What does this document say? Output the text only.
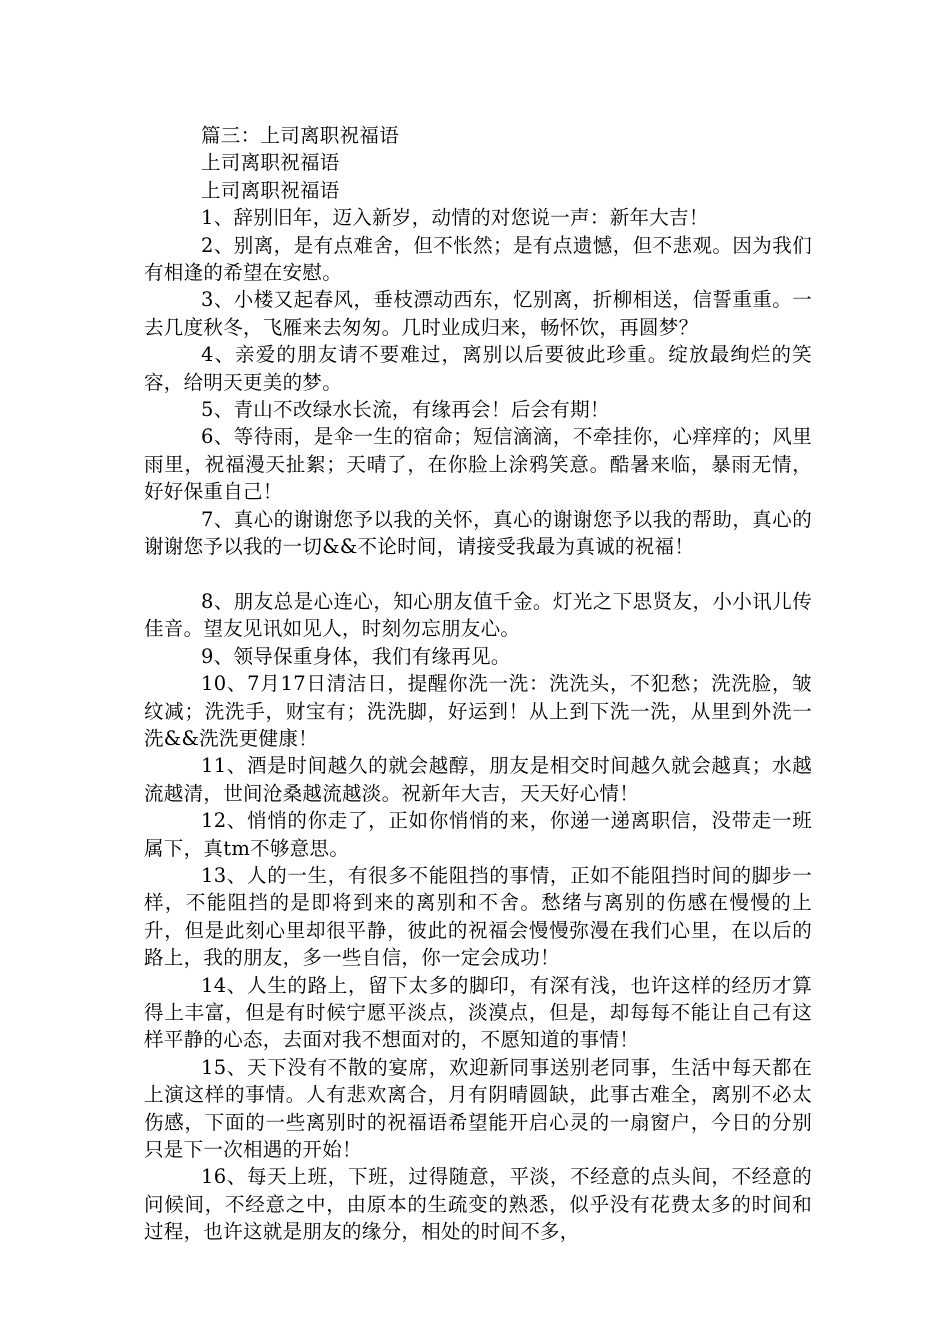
篇三：上司离职祝福语

上司离职祝福语

上司离职祝福语

1、辞别旧年，迈入新岁，动情的对您说一声：新年大吉！

2、别离，是有点难舍，但不怅然；是有点遗憾，但不悲观。因为我们有相逢的希望在安慰。

3、小楼又起春风，垂枝漂动西东，忆别离，折柳相送，信誓重重。一去几度秋冬，飞雁来去匆匆。几时业成归来，畅怀饮，再圆梦？

4、亲爱的朋友请不要难过，离别以后要彼此珍重。绽放最绚烂的笑容，给明天更美的梦。

5、青山不改绿水长流，有缘再会！后会有期！

6、等待雨，是伞一生的宿命；短信滴滴，不牵挂你，心痒痒的；风里雨里，祝福漫天扯絮；天晴了，在你脸上涂鸦笑意。酷暑来临，暴雨无情，好好保重自己！

7、真心的谢谢您予以我的关怀，真心的谢谢您予以我的帮助，真心的谢谢您予以我的一切&&不论时间，请接受我最为真诚的祝福！

8、朋友总是心连心，知心朋友值千金。灯光之下思贤友，小小讯儿传佳音。望友见讯如见人，时刻勿忘朋友心。

9、领导保重身体，我们有缘再见。

10、7月17日清洁日，提醒你洗一洗：洗洗头，不犯愁；洗洗脸，皱纹减；洗洗手，财宝有；洗洗脚，好运到！从上到下洗一洗，从里到外洗一洗&&洗洗更健康！

11、酒是时间越久的就会越醇，朋友是相交时间越久就会越真；水越流越清，世间沧桑越流越淡。祝新年大吉，天天好心情！

12、悄悄的你走了，正如你悄悄的来，你递一递离职信，没带走一班属下，真tm不够意思。

13、人的一生，有很多不能阻挡的事情，正如不能阻挡时间的脚步一样，不能阻挡的是即将到来的离别和不舍。愁绪与离别的伤感在慢慢的上升，但是此刻心里却很平静，彼此的祝福会慢慢弥漫在我们心里，在以后的路上，我的朋友，多一些自信，你一定会成功！

14、人生的路上，留下太多的脚印，有深有浅，也许这样的经历才算得上丰富，但是有时候宁愿平淡点，淡漠点，但是，却每每不能让自己有这样平静的心态，去面对我不想面对的，不愿知道的事情！

15、天下没有不散的宴席，欢迎新同事送别老同事，生活中每天都在上演这样的事情。人有悲欢离合，月有阴晴圆缺，此事古难全，离别不必太伤感，下面的一些离别时的祝福语希望能开启心灵的一扇窗户，今日的分别只是下一次相遇的开始！

16、每天上班，下班，过得随意，平淡，不经意的点头间，不经意的问候间，不经意之中，由原本的生疏变的熟悉，似乎没有花费太多的时间和过程，也许这就是朋友的缘分，相处的时间不多，
